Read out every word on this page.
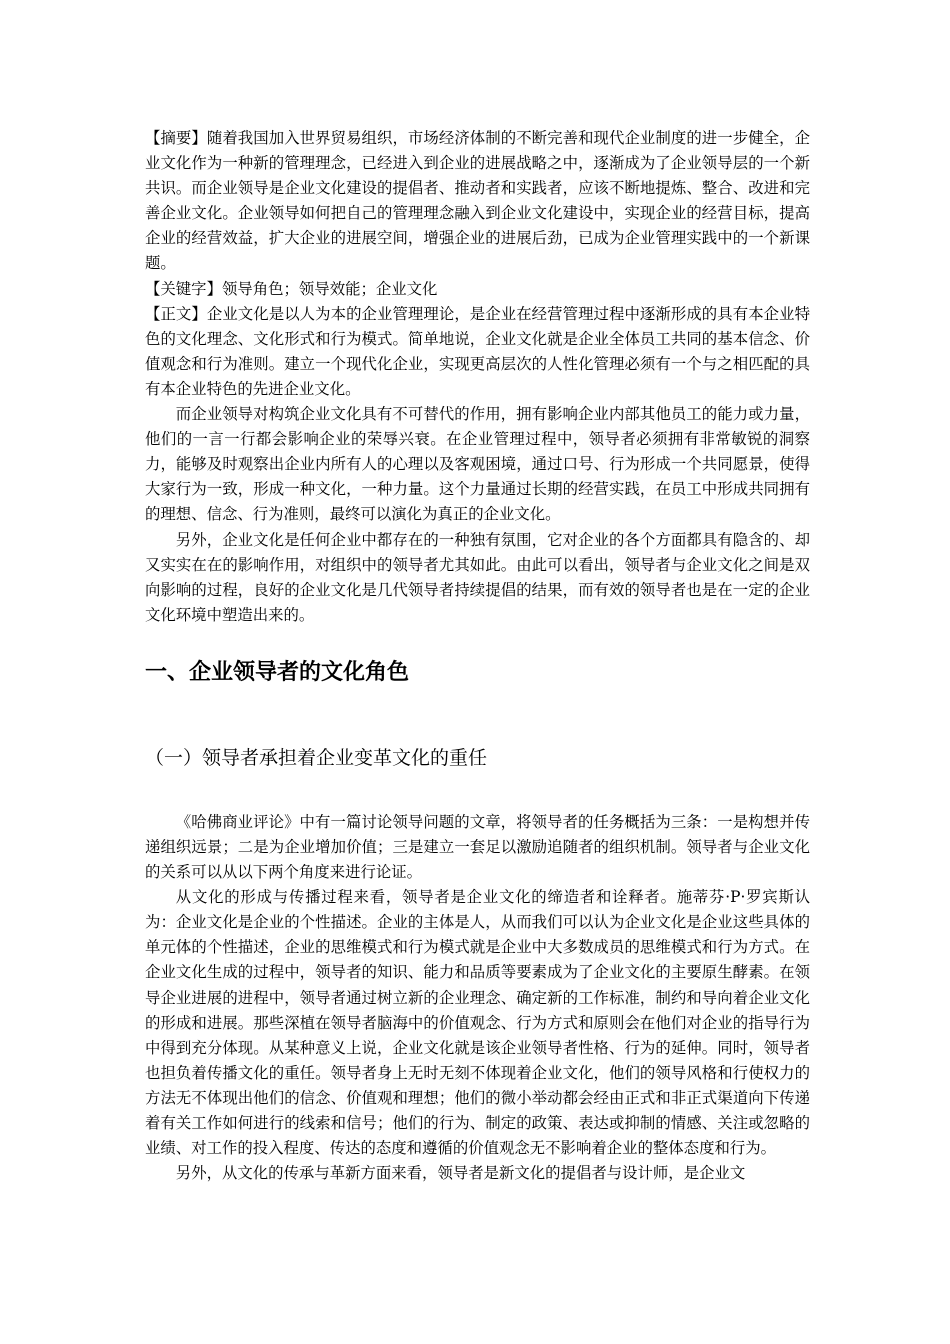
【摘要】随着我国加入世界贸易组织，市场经济体制的不断完善和现代企业制度的进一步健全，企业文化作为一种新的管理理念，已经进入到企业的进展战略之中，逐渐成为了企业领导层的一个新共识。而企业领导是企业文化建设的提倡者、推动者和实践者，应该不断地提炼、整合、改进和完善企业文化。企业领导如何把自己的管理理念融入到企业文化建设中，实现企业的经营目标，提高企业的经营效益，扩大企业的进展空间，增强企业的进展后劲，已成为企业管理实践中的一个新课题。

【关键字】领导角色；领导效能；企业文化

【正文】企业文化是以人为本的企业管理理论，是企业在经营管理过程中逐渐形成的具有本企业特色的文化理念、文化形式和行为模式。简单地说，企业文化就是企业全体员工共同的基本信念、价值观念和行为准则。建立一个现代化企业，实现更高层次的人性化管理必须有一个与之相匹配的具有本企业特色的先进企业文化。

而企业领导对构筑企业文化具有不可替代的作用，拥有影响企业内部其他员工的能力或力量，他们的一言一行都会影响企业的荣辱兴衰。在企业管理过程中，领导者必须拥有非常敏锐的洞察力，能够及时观察出企业内所有人的心理以及客观困境，通过口号、行为形成一个共同愿景，使得大家行为一致，形成一种文化，一种力量。这个力量通过长期的经营实践，在员工中形成共同拥有的理想、信念、行为准则，最终可以演化为真正的企业文化。

另外，企业文化是任何企业中都存在的一种独有氛围，它对企业的各个方面都具有隐含的、却又实实在在的影响作用，对组织中的领导者尤其如此。由此可以看出，领导者与企业文化之间是双向影响的过程，良好的企业文化是几代领导者持续提倡的结果，而有效的领导者也是在一定的企业文化环境中塑造出来的。

一、企业领导者的文化角色
（一）领导者承担着企业变革文化的重任

《哈佛商业评论》中有一篇讨论领导问题的文章，将领导者的任务概括为三条：一是构想并传递组织远景；二是为企业增加价值；三是建立一套足以激励追随者的组织机制。领导者与企业文化的关系可以从以下两个角度来进行论证。

从文化的形成与传播过程来看，领导者是企业文化的缔造者和诠释者。施蒂芬·P·罗宾斯认为：企业文化是企业的个性描述。企业的主体是人，从而我们可以认为企业文化是企业这些具体的单元体的个性描述，企业的思维模式和行为模式就是企业中大多数成员的思维模式和行为方式。在企业文化生成的过程中，领导者的知识、能力和品质等要素成为了企业文化的主要原生酵素。在领导企业进展的进程中，领导者通过树立新的企业理念、确定新的工作标准，制约和导向着企业文化的形成和进展。那些深植在领导者脑海中的价值观念、行为方式和原则会在他们对企业的指导行为中得到充分体现。从某种意义上说，企业文化就是该企业领导者性格、行为的延伸。同时，领导者也担负着传播文化的重任。领导者身上无时无刻不体现着企业文化，他们的领导风格和行使权力的方法无不体现出他们的信念、价值观和理想；他们的微小举动都会经由正式和非正式渠道向下传递着有关工作如何进行的线索和信号；他们的行为、制定的政策、表达或抑制的情感、关注或忽略的业绩、对工作的投入程度、传达的态度和遵循的价值观念无不影响着企业的整体态度和行为。

另外，从文化的传承与革新方面来看，领导者是新文化的提倡者与设计师，是企业文
